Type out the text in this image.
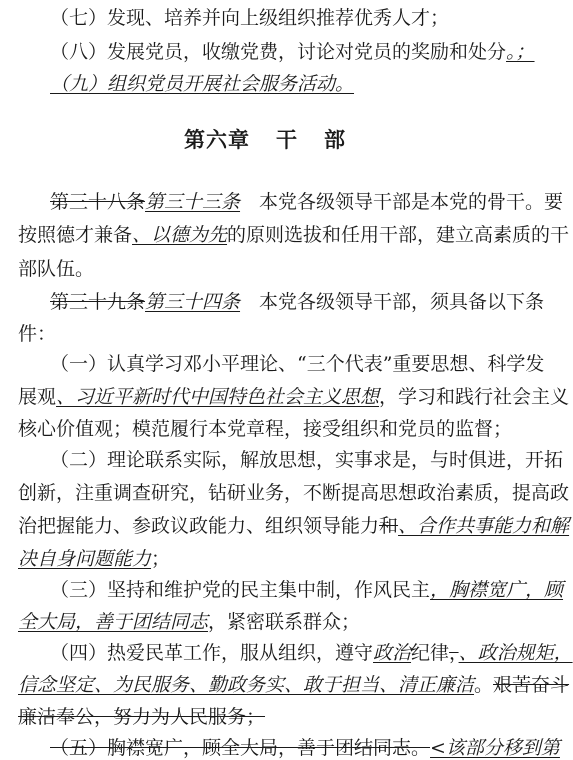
（七）发现、培养并向上级组织推荐优秀人才；
（八）发展党员，收缴党费，讨论对党员的奖励和处分。；
（九）组织党员开展社会服务活动。
第六章 干 部
第三十八条第三十三条　本党各级领导干部是本党的骨干。要
按照德才兼备、以德为先的原则选拔和任用干部，建立高素质的干
部队伍。
第三十九条第三十四条　本党各级领导干部，须具备以下条
件：
（一）认真学习邓小平理论、“三个代表”重要思想、科学发
展观、习近平新时代中国特色社会主义思想，学习和践行社会主义
核心价值观；模范履行本党章程，接受组织和党员的监督；
（二）理论联系实际，解放思想，实事求是，与时俱进，开拓
创新，注重调查研究，钻研业务，不断提高思想政治素质，提高政
治把握能力、参政议政能力、组织领导能力和、合作共事能力和解
决自身问题能力；
（三）坚持和维护党的民主集中制，作风民主，胸襟宽广，顾
全大局，善于团结同志，紧密联系群众；
（四）热爱民革工作，服从组织，遵守政治纪律，、政治规矩，
信念坚定、为民服务、勤政务实、敢于担当、清正廉洁。艰苦奋斗
廉洁奉公，努力为人民服务；
（五）胸襟宽广，顾全大局，善于团结同志。<该部分移到第
